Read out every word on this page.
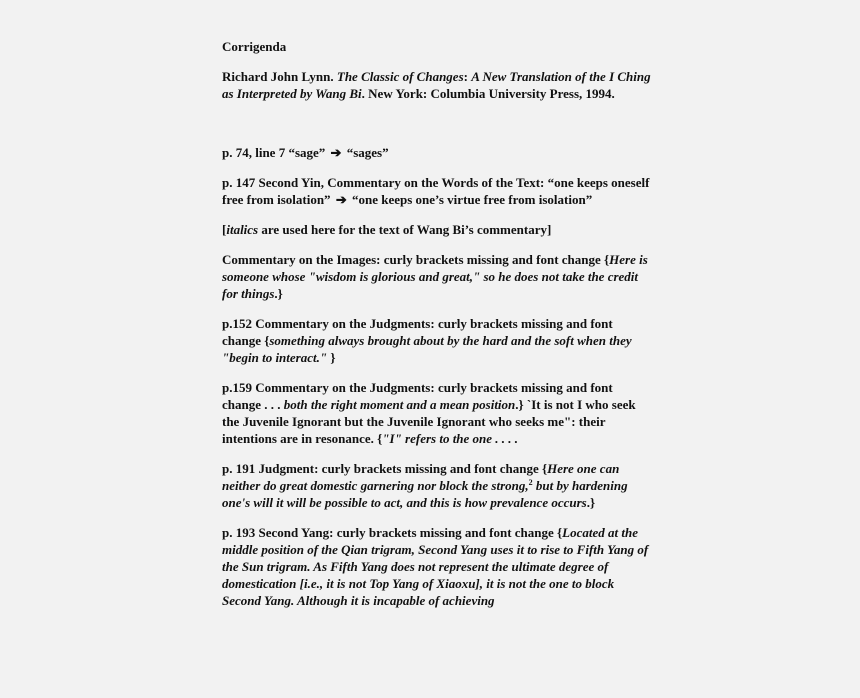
Corrigenda

Richard John Lynn. The Classic of Changes: A New Translation of the I Ching as Interpreted by Wang Bi. New York: Columbia University Press, 1994.

p. 74, line 7 “sage” ➔ “sages”

p. 147 Second Yin, Commentary on the Words of the Text: “one keeps oneself free from isolation” ➔ “one keeps one’s virtue free from isolation”

[italics are used here for the text of Wang Bi’s commentary]

Commentary on the Images: curly brackets missing and font change {Here is someone whose "wisdom is glorious and great," so he does not take the credit for things.}

p.152 Commentary on the Judgments: curly brackets missing and font change {something always brought about by the hard and the soft when they "begin to interact." }

p.159 Commentary on the Judgments: curly brackets missing and font change . . . both the right moment and a mean position.} `It is not I who seek the Juvenile Ignorant but the Juvenile Ignorant who seeks me": their intentions are in resonance. {"I" refers to the one . . . .

p. 191 Judgment: curly brackets missing and font change {Here one can neither do great domestic garnering nor block the strong,$^2$ but by hardening one's will it will be possible to act, and this is how prevalence occurs.}

p. 193 Second Yang: curly brackets missing and font change {Located at the middle position of the Qian trigram, Second Yang uses it to rise to Fifth Yang of the Sun trigram. As Fifth Yang does not represent the ultimate degree of domestication [i.e., it is not Top Yang of Xiaoxu], it is not the one to block Second Yang. Although it is incapable of achieving
